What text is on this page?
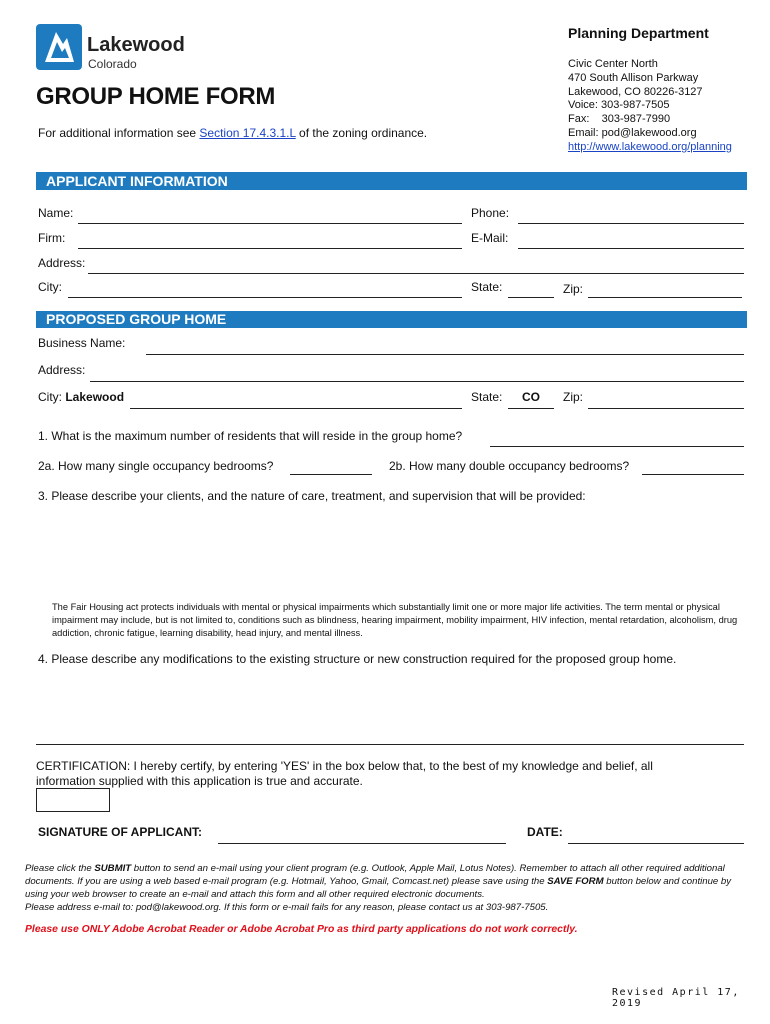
Lakewood
Colorado
GROUP HOME FORM
For additional information see Section 17.4.3.1.L of the zoning ordinance.
Planning Department
Civic Center North
470 South Allison Parkway
Lakewood, CO 80226-3127
Voice: 303-987-7505
Fax:    303-987-7990
Email: pod@lakewood.org
http://www.lakewood.org/planning
APPLICANT INFORMATION
Name:	Phone:
Firm:	E-Mail:
Address:
City:	State:	Zip:
PROPOSED GROUP HOME
Business Name:
Address:
City: Lakewood	State: CO Zip:
1. What is the maximum number of residents that will reside in the group home?
2a. How many single occupancy bedrooms?	2b. How many double occupancy bedrooms?
3. Please describe your clients, and the nature of care, treatment, and supervision that will be provided:
The Fair Housing act protects individuals with mental or physical impairments which substantially limit one or more major life activities. The term mental or physical impairment may include, but is not limited to, conditions such as blindness, hearing impairment, mobility impairment, HIV infection, mental retardation, alcoholism, drug addiction, chronic fatigue, learning disability, head injury, and mental illness.
4. Please describe any modifications to the existing structure or new construction required for the proposed group home.
CERTIFICATION: I hereby certify, by entering 'YES' in the box below that, to the best of my knowledge and belief, all information supplied with this application is true and accurate.
SIGNATURE OF APPLICANT:	DATE:
Please click the SUBMIT button to send an e-mail using your client program (e.g. Outlook, Apple Mail, Lotus Notes). Remember to attach all other required additional documents. If you are using a web based e-mail program (e.g. Hotmail, Yahoo, Gmail, Comcast.net) please save using the SAVE FORM button below and continue by using your web browser to create an e-mail and attach this form and all other required electronic documents.
Please address e-mail to: pod@lakewood.org. If this form or e-mail fails for any reason, please contact us at 303-987-7505.
Please use ONLY Adobe Acrobat Reader or Adobe Acrobat Pro as third party applications do not work correctly.
Revised April 17, 2019
